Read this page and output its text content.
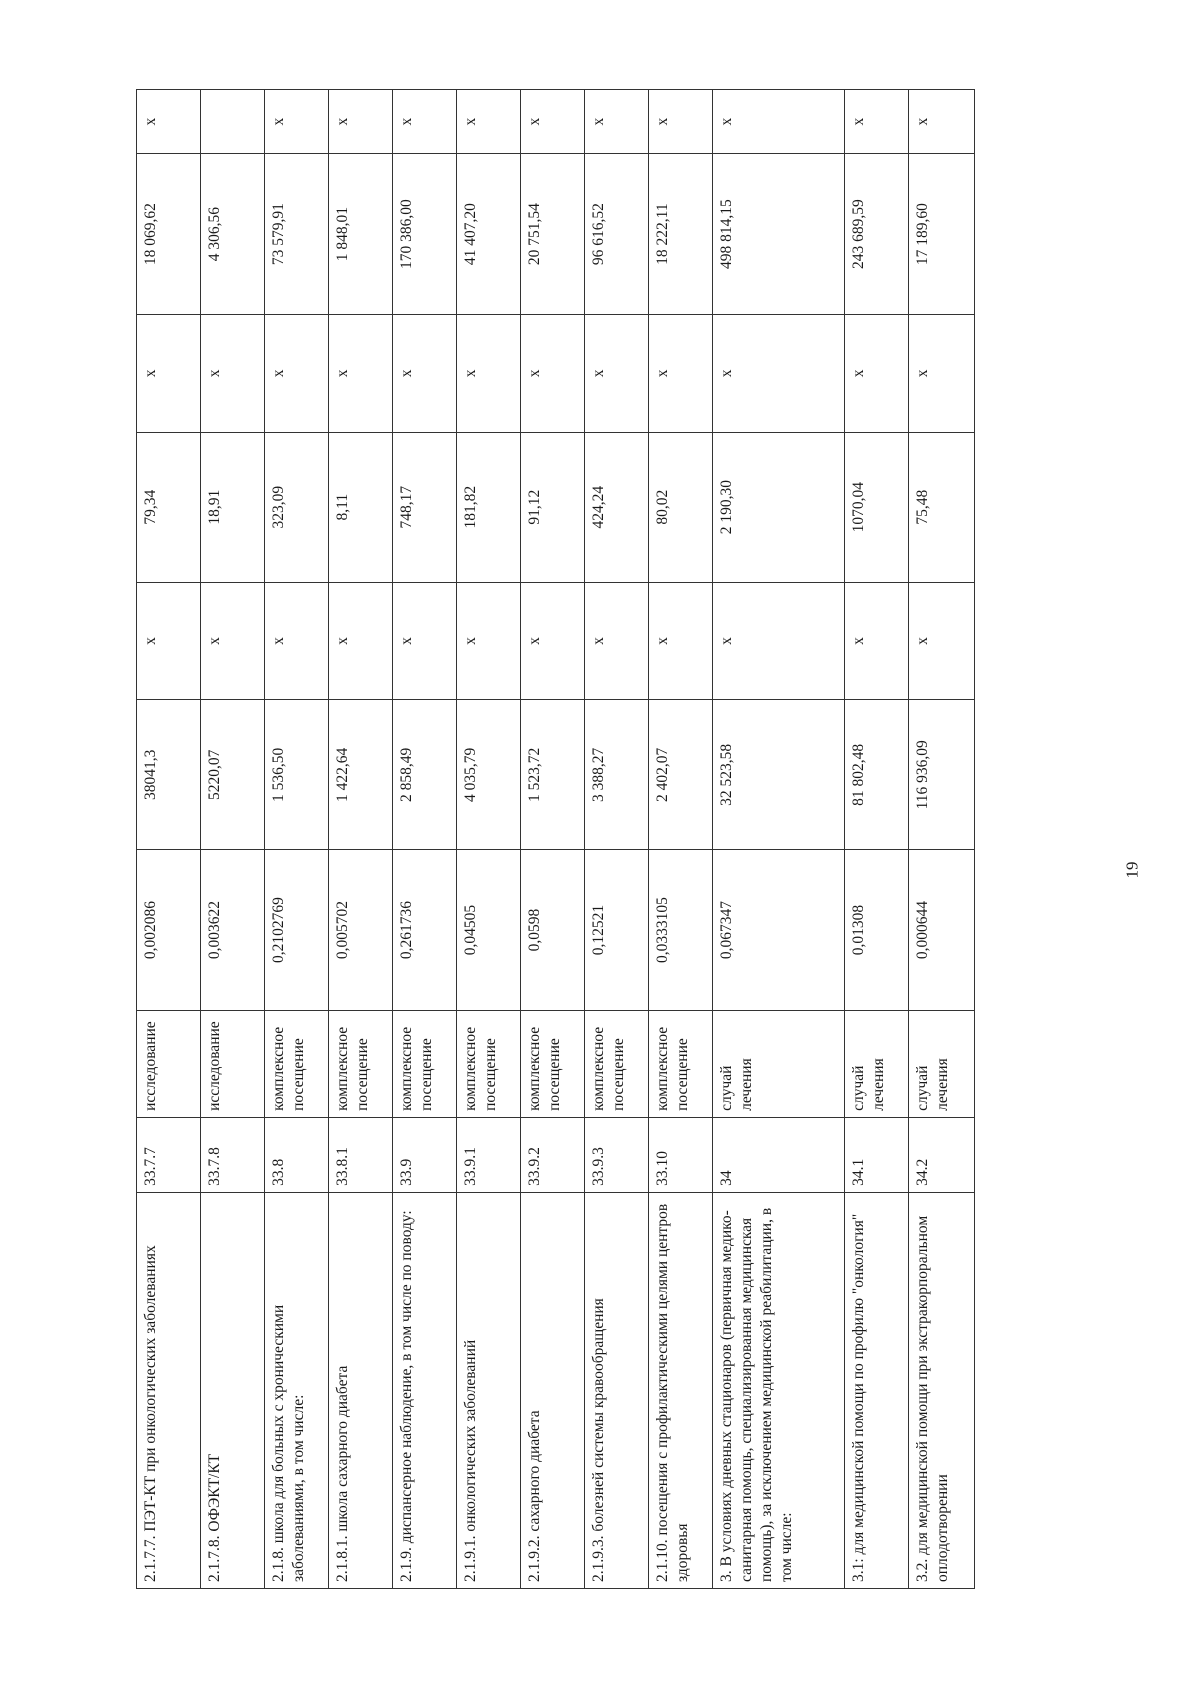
2.1.7.7. ПЭТ-КТ при онкологических заболеваниях	33.7.7	исследование	0,002086	38041,3	х	79,34	х	18 069,62	х
2.1.7.8. ОФЭКТ/КТ	33.7.8	исследование	0,003622	5220,07	х	18,91	х	4 306,56	
2.1.8. школа для больных с хроническими заболеваниями, в том числе:	33.8	комплексное посещение	0,2102769	1 536,50	х	323,09	х	73 579,91	х
2.1.8.1. школа сахарного диабета	33.8.1	комплексное посещение	0,005702	1 422,64	х	8,11	х	1 848,01	х
2.1.9. диспансерное наблюдение, в том числе по поводу:	33.9	комплексное посещение	0,261736	2 858,49	х	748,17	х	170 386,00	х
2.1.9.1. онкологических заболеваний	33.9.1	комплексное посещение	0,04505	4 035,79	х	181,82	х	41 407,20	х
2.1.9.2. сахарного диабета	33.9.2	комплексное посещение	0,0598	1 523,72	х	91,12	х	20 751,54	х
2.1.9.3. болезней системы кравообращения	33.9.3	комплексное посещение	0,12521	3 388,27	х	424,24	х	96 616,52	х
2.1.10. посещения с профилактическими целями центров здоровья	33.10	комплексное посещение	0,0333105	2 402,07	х	80,02	х	18 222,11	х
3. В условиях дневных стационаров (первичная медико-санитарная помощь, специализированная медицинская помощь), за исключением медицинской реабилитации, в том числе:	34	случай лечения	0,067347	32 523,58	х	2 190,30	х	498 814,15	х
3.1: для медицинской помощи по профилю "онкология"	34.1	случай лечения	0,01308	81 802,48	х	1070,04	х	243 689,59	х
3.2. для медицинской помощи при экстракорпоральном оплодотворении	34.2	случай лечения	0,000644	116 936,09	х	75,48	х	17 189,60	х
19
